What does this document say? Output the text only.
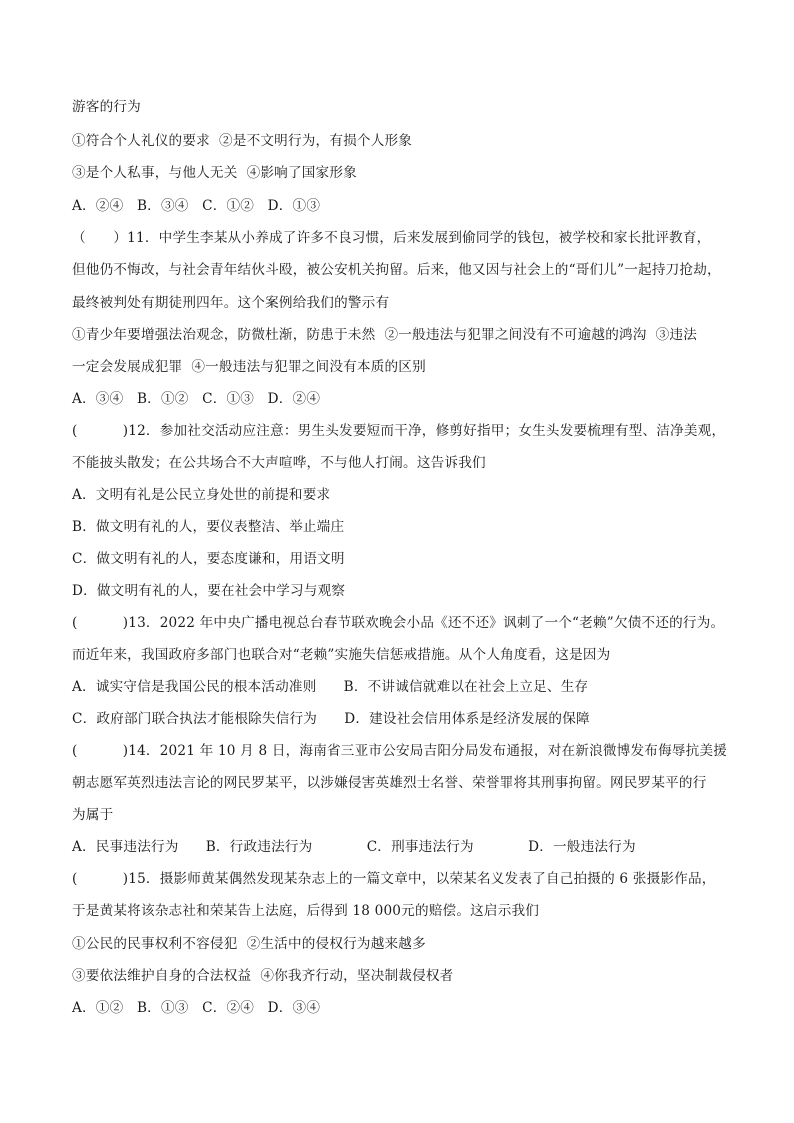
游客的行为
①符合个人礼仪的要求  ②是不文明行为，有损个人形象
③是个人私事，与他人无关  ④影响了国家形象
A．②④   B．③④   C．①②   D．①③
（　　）11．中学生李某从小养成了许多不良习惯，后来发展到偷同学的钱包，被学校和家长批评教育，
但他仍不悔改，与社会青年结伙斗殴，被公安机关拘留。后来，他又因与社会上的“哥们儿”一起持刀抢劫，
最终被判处有期徒刑四年。这个案例给我们的警示有
①青少年要增强法治观念，防微杜渐，防患于未然  ②一般违法与犯罪之间没有不可逾越的鸿沟  ③违法
一定会发展成犯罪  ④一般违法与犯罪之间没有本质的区别
A．③④   B．①②   C．①③   D．②④
(          )12．参加社交活动应注意：男生头发要短而干净，修剪好指甲；女生头发要梳理有型、洁净美观，
不能披头散发；在公共场合不大声喧哗，不与他人打闹。这告诉我们
A．文明有礼是公民立身处世的前提和要求
B．做文明有礼的人，要仪表整洁、举止端庄
C．做文明有礼的人，要态度谦和，用语文明
D．做文明有礼的人，要在社会中学习与观察
(          )13．2022 年中央广播电视总台春节联欢晚会小品《还不还》讽刺了一个“老赖”欠债不还的行为。
而近年来，我国政府多部门也联合对“老赖”实施失信惩戒措施。从个人角度看，这是因为
A．诚实守信是我国公民的根本活动准则      B．不讲诚信就难以在社会上立足、生存
C．政府部门联合执法才能根除失信行为      D．建设社会信用体系是经济发展的保障
(          )14．2021 年 10 月 8 日，海南省三亚市公安局吉阳分局发布通报，对在新浪微博发布侮辱抗美援
朝志愿军英烈违法言论的网民罗某平，以涉嫌侵害英雄烈士名誉、荣誉罪将其刑事拘留。网民罗某平的行
为属于
A．民事违法行为      B．行政违法行为            C．刑事违法行为            D．一般违法行为
(          )15．摄影师黄某偶然发现某杂志上的一篇文章中，以荣某名义发表了自己拍摄的 6 张摄影作品，
于是黄某将该杂志社和荣某告上法庭，后得到 18 000元的赔偿。这启示我们
①公民的民事权利不容侵犯  ②生活中的侵权行为越来越多
③要依法维护自身的合法权益  ④你我齐行动，坚决制裁侵权者
A．①②   B．①③   C．②④   D．③④
